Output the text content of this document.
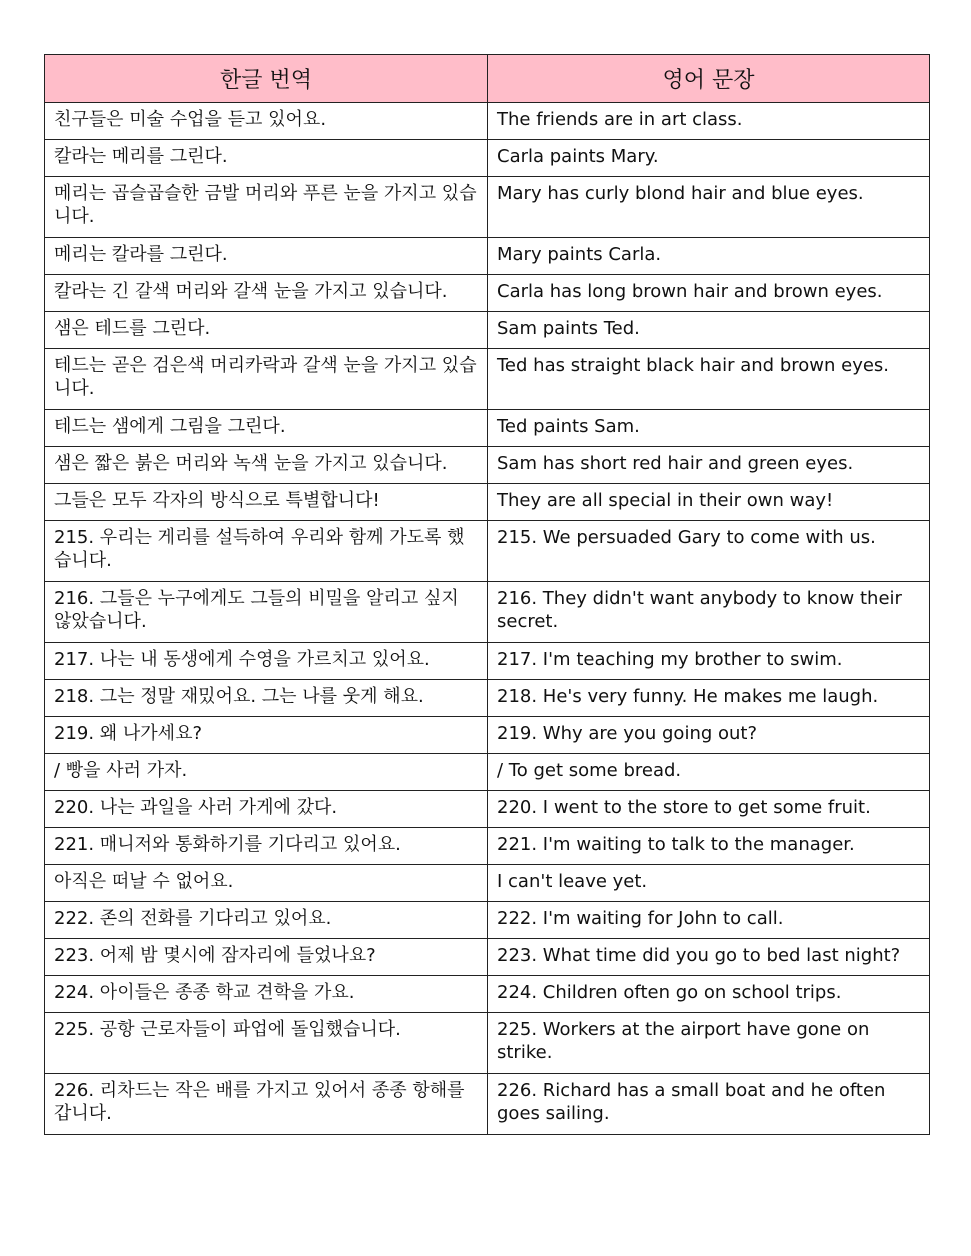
한글 번역	영어 문장
친구들은 미술 수업을 듣고 있어요.	The friends are in art class.
칼라는 메리를 그린다.	Carla paints Mary.
메리는 곱슬곱슬한 금발 머리와 푸른 눈을 가지고 있습니다.	Mary has curly blond hair and blue eyes.
메리는 칼라를 그린다.	Mary paints Carla.
칼라는 긴 갈색 머리와 갈색 눈을 가지고 있습니다.	Carla has long brown hair and brown eyes.
샘은 테드를 그린다.	Sam paints Ted.
테드는 곧은 검은색 머리카락과 갈색 눈을 가지고 있습니다.	Ted has straight black hair and brown eyes.
테드는 샘에게 그림을 그린다.	Ted paints Sam.
샘은 짧은 붉은 머리와 녹색 눈을 가지고 있습니다.	Sam has short red hair and green eyes.
그들은 모두 각자의 방식으로 특별합니다!	They are all special in their own way!
215. 우리는 게리를 설득하여 우리와 함께 가도록 했습니다.	215. We persuaded Gary to come with us.
216. 그들은 누구에게도 그들의 비밀을 알리고 싶지 않았습니다.	216. They didn't want anybody to know their secret.
217. 나는 내 동생에게 수영을 가르치고 있어요.	217. I'm teaching my brother to swim.
218. 그는 정말 재밌어요. 그는 나를 웃게 해요.	218. He's very funny. He makes me laugh.
219. 왜 나가세요?	219. Why are you going out?
/ 빵을 사러 가자.	/ To get some bread.
220. 나는 과일을 사러 가게에 갔다.	220. I went to the store to get some fruit.
221. 매니저와 통화하기를 기다리고 있어요.	221. I'm waiting to talk to the manager.
아직은 떠날 수 없어요.	I can't leave yet.
222. 존의 전화를 기다리고 있어요.	222. I'm waiting for John to call.
223. 어제 밤 몇시에 잠자리에 들었나요?	223. What time did you go to bed last night?
224. 아이들은 종종 학교 견학을 가요.	224. Children often go on school trips.
225. 공항 근로자들이 파업에 돌입했습니다.	225. Workers at the airport have gone on strike.
226. 리차드는 작은 배를 가지고 있어서 종종 항해를 갑니다.	226. Richard has a small boat and he often goes sailing.
